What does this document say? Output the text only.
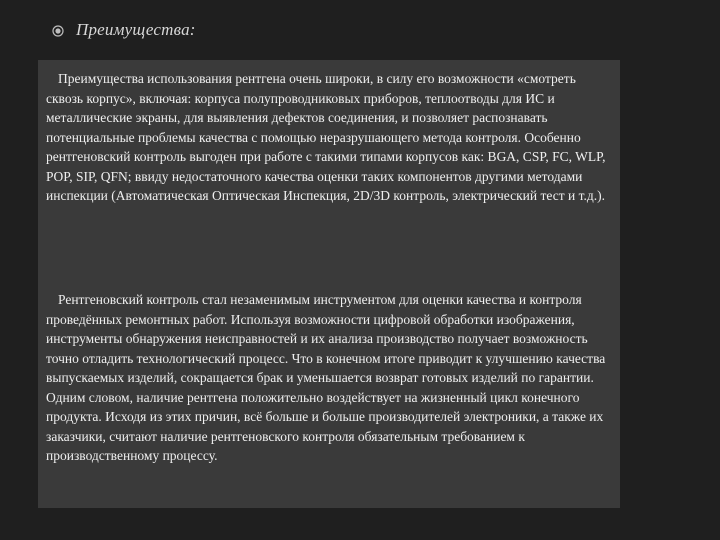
Преимущества:

Преимущества использования рентгена очень широки, в силу его возможности «смотреть сквозь корпус», включая: корпуса полупроводниковых приборов, теплоотводы для ИС и металлические экраны, для выявления дефектов соединения, и позволяет распознавать потенциальные проблемы качества с помощью неразрушающего метода контроля. Особенно рентгеновский контроль выгоден при работе с такими типами корпусов как: BGA, CSP, FC, WLP, POP, SIP, QFN; ввиду недостаточного качества оценки таких компонентов другими методами инспекции (Автоматическая Оптическая Инспекция, 2D/3D контроль, электрический тест и т.д.).

Рентгеновский контроль стал незаменимым инструментом для оценки качества и контроля проведённых ремонтных работ. Используя возможности цифровой обработки изображения, инструменты обнаружения неисправностей и их анализа производство получает возможность точно отладить технологический процесс. Что в конечном итоге приводит к улучшению качества выпускаемых изделий, сокращается брак и уменьшается возврат готовых изделий по гарантии. Одним словом, наличие рентгена положительно воздействует на жизненный цикл конечного продукта. Исходя из этих причин, всё больше и больше производителей электроники, а также их заказчики, считают наличие рентгеновского контроля обязательным требованием к производственному процессу.
